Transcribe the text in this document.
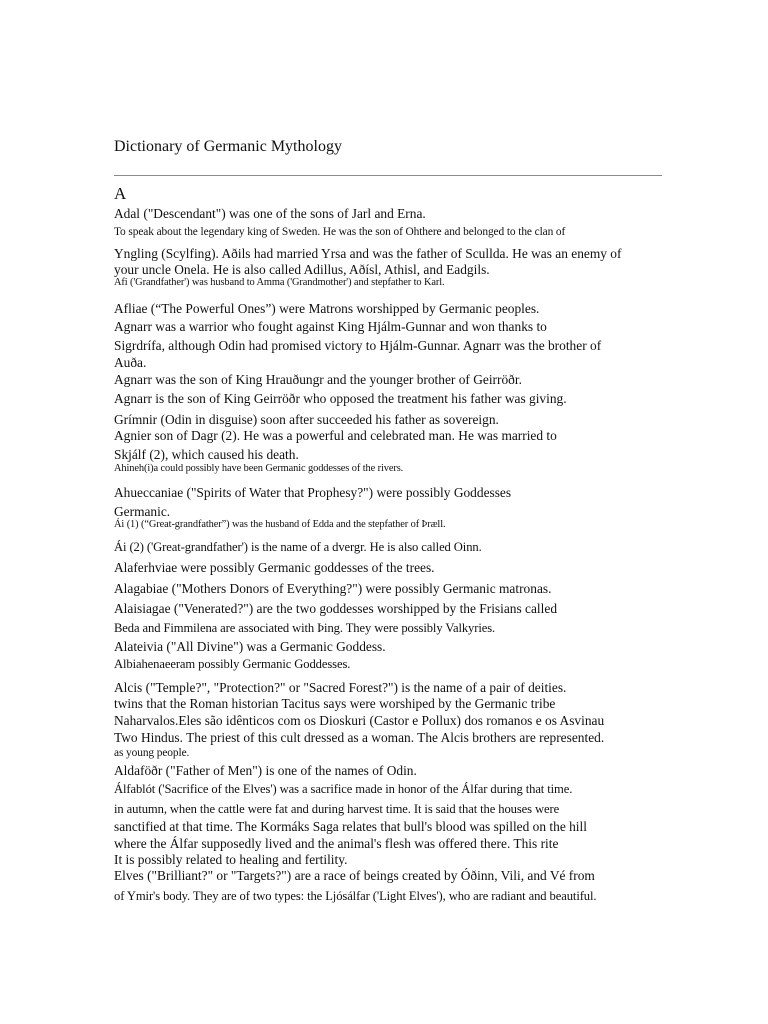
Dictionary of Germanic Mythology
A
Adal ("Descendant") was one of the sons of Jarl and Erna.
To speak about the legendary king of Sweden. He was the son of Ohthere and belonged to the clan of
Yngling (Scylfing). Aðils had married Yrsa and was the father of Scullda. He was an enemy of
your uncle Onela. He is also called Adillus, Aðísl, Athisl, and Eadgils.
Afi ('Grandfather') was husband to Amma ('Grandmother') and stepfather to Karl.
Afliae (“The Powerful Ones”) were Matrons worshipped by Germanic peoples.
Agnarr was a warrior who fought against King Hjálm-Gunnar and won thanks to
Sigrdrífa, although Odin had promised victory to Hjálm-Gunnar. Agnarr was the brother of
Auða.
Agnarr was the son of King Hrauðungr and the younger brother of Geirröðr.
Agnarr is the son of King Geirröðr who opposed the treatment his father was giving.
Grímnir (Odin in disguise) soon after succeeded his father as sovereign.
Agnier son of Dagr (2). He was a powerful and celebrated man. He was married to
Skjálf (2), which caused his death.
Ahineh(i)a could possibly have been Germanic goddesses of the rivers.
Ahueccaniae ("Spirits of Water that Prophesy?") were possibly Goddesses
Germanic.
Ái (1) (“Great-grandfather”) was the husband of Edda and the stepfather of Þræll.
Ái (2) ('Great-grandfather') is the name of a dvergr. He is also called Oinn.
Alaferhviae were possibly Germanic goddesses of the trees.
Alagabiae ("Mothers Donors of Everything?") were possibly Germanic matronas.
Alaisiagae ("Venerated?") are the two goddesses worshipped by the Frisians called
Beda and Fimmilena are associated with Þing. They were possibly Valkyries.
Alateivia ("All Divine") was a Germanic Goddess.
Albiahenaeeram possibly Germanic Goddesses.
Alcis ("Temple?", "Protection?" or "Sacred Forest?") is the name of a pair of deities.
twins that the Roman historian Tacitus says were worshiped by the Germanic tribe
Naharvalos.Eles são idênticos com os Dioskuri (Castor e Pollux) dos romanos e os Asvinau
Two Hindus. The priest of this cult dressed as a woman. The Alcis brothers are represented.
as young people.
Aldaföðr ("Father of Men") is one of the names of Odin.
Álfablót ('Sacrifice of the Elves') was a sacrifice made in honor of the Álfar during that time.
in autumn, when the cattle were fat and during harvest time. It is said that the houses were
sanctified at that time. The Kormáks Saga relates that bull's blood was spilled on the hill
where the Álfar supposedly lived and the animal's flesh was offered there. This rite
It is possibly related to healing and fertility.
Elves ("Brilliant?" or "Targets?") are a race of beings created by Óðinn, Vili, and Vé from
of Ymir's body. They are of two types: the Ljósálfar ('Light Elves'), who are radiant and beautiful.
